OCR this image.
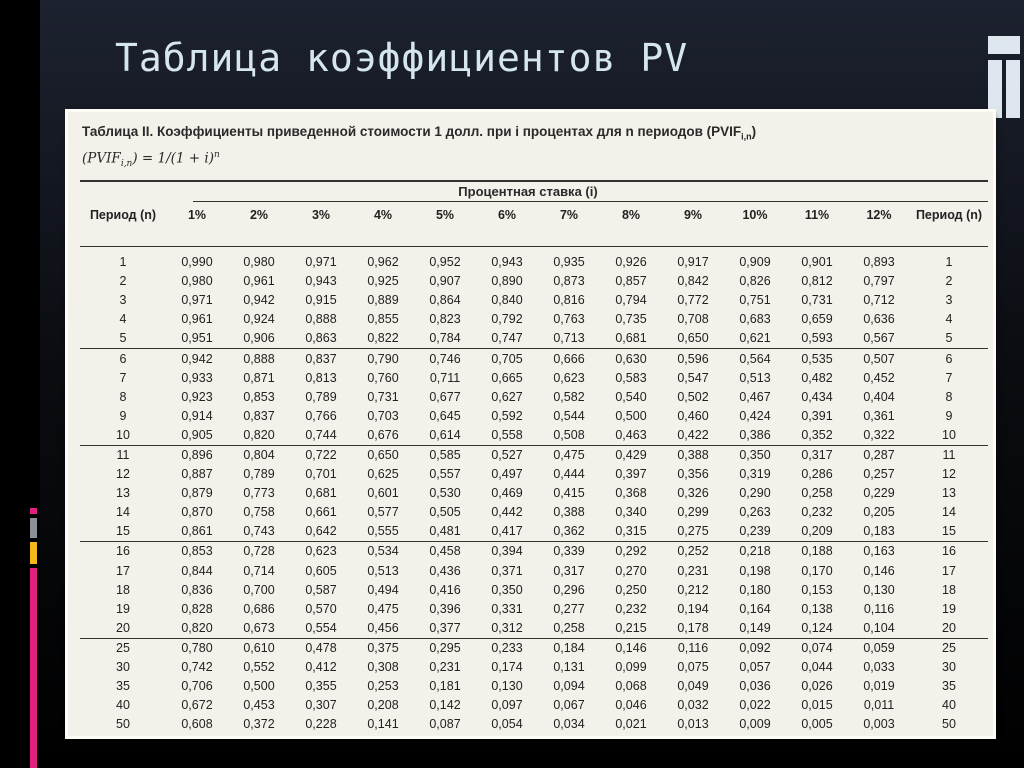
Таблица коэффициентов PV

Таблица II. Коэффициенты приведенной стоимости 1 долл. при i процентах для n периодов $(PVIF_{i,n})$

$(PVIF_{i,n}) = 1/(1 + i)^n$
Процентная ставка (i)
Период (n)	1%	2%	3%	4%	5%	6%	7%	8%	9%	10%	11%	12%	Период (n)
1	0,990	0,980	0,971	0,962	0,952	0,943	0,935	0,926	0,917	0,909	0,901	0,893	1
2	0,980	0,961	0,943	0,925	0,907	0,890	0,873	0,857	0,842	0,826	0,812	0,797	2
3	0,971	0,942	0,915	0,889	0,864	0,840	0,816	0,794	0,772	0,751	0,731	0,712	3
4	0,961	0,924	0,888	0,855	0,823	0,792	0,763	0,735	0,708	0,683	0,659	0,636	4
5	0,951	0,906	0,863	0,822	0,784	0,747	0,713	0,681	0,650	0,621	0,593	0,567	5
6	0,942	0,888	0,837	0,790	0,746	0,705	0,666	0,630	0,596	0,564	0,535	0,507	6
7	0,933	0,871	0,813	0,760	0,711	0,665	0,623	0,583	0,547	0,513	0,482	0,452	7
8	0,923	0,853	0,789	0,731	0,677	0,627	0,582	0,540	0,502	0,467	0,434	0,404	8
9	0,914	0,837	0,766	0,703	0,645	0,592	0,544	0,500	0,460	0,424	0,391	0,361	9
10	0,905	0,820	0,744	0,676	0,614	0,558	0,508	0,463	0,422	0,386	0,352	0,322	10
11	0,896	0,804	0,722	0,650	0,585	0,527	0,475	0,429	0,388	0,350	0,317	0,287	11
12	0,887	0,789	0,701	0,625	0,557	0,497	0,444	0,397	0,356	0,319	0,286	0,257	12
13	0,879	0,773	0,681	0,601	0,530	0,469	0,415	0,368	0,326	0,290	0,258	0,229	13
14	0,870	0,758	0,661	0,577	0,505	0,442	0,388	0,340	0,299	0,263	0,232	0,205	14
15	0,861	0,743	0,642	0,555	0,481	0,417	0,362	0,315	0,275	0,239	0,209	0,183	15
16	0,853	0,728	0,623	0,534	0,458	0,394	0,339	0,292	0,252	0,218	0,188	0,163	16
17	0,844	0,714	0,605	0,513	0,436	0,371	0,317	0,270	0,231	0,198	0,170	0,146	17
18	0,836	0,700	0,587	0,494	0,416	0,350	0,296	0,250	0,212	0,180	0,153	0,130	18
19	0,828	0,686	0,570	0,475	0,396	0,331	0,277	0,232	0,194	0,164	0,138	0,116	19
20	0,820	0,673	0,554	0,456	0,377	0,312	0,258	0,215	0,178	0,149	0,124	0,104	20
25	0,780	0,610	0,478	0,375	0,295	0,233	0,184	0,146	0,116	0,092	0,074	0,059	25
30	0,742	0,552	0,412	0,308	0,231	0,174	0,131	0,099	0,075	0,057	0,044	0,033	30
35	0,706	0,500	0,355	0,253	0,181	0,130	0,094	0,068	0,049	0,036	0,026	0,019	35
40	0,672	0,453	0,307	0,208	0,142	0,097	0,067	0,046	0,032	0,022	0,015	0,011	40
50	0,608	0,372	0,228	0,141	0,087	0,054	0,034	0,021	0,013	0,009	0,005	0,003	50
